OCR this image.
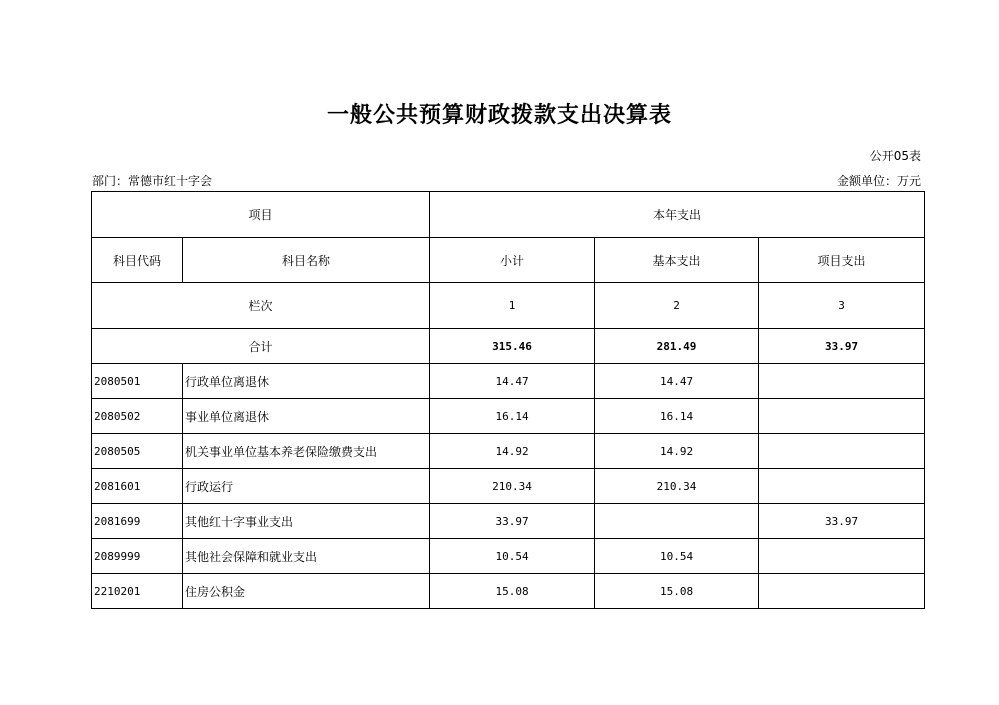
一般公共预算财政拨款支出决算表
公开05表
部门：常德市红十字会	金额单位：万元
项目		本年支出		
科目代码	科目名称	小计	基本支出	项目支出
栏次		1	2	3
合计		315.46	281.49	33.97
2080501	行政单位离退休	14.47	14.47	
2080502	事业单位离退休	16.14	16.14	
2080505	机关事业单位基本养老保险缴费支出	14.92	14.92	
2081601	行政运行	210.34	210.34	
2081699	其他红十字事业支出	33.97		33.97
2089999	其他社会保障和就业支出	10.54	10.54	
2210201	住房公积金	15.08	15.08	
